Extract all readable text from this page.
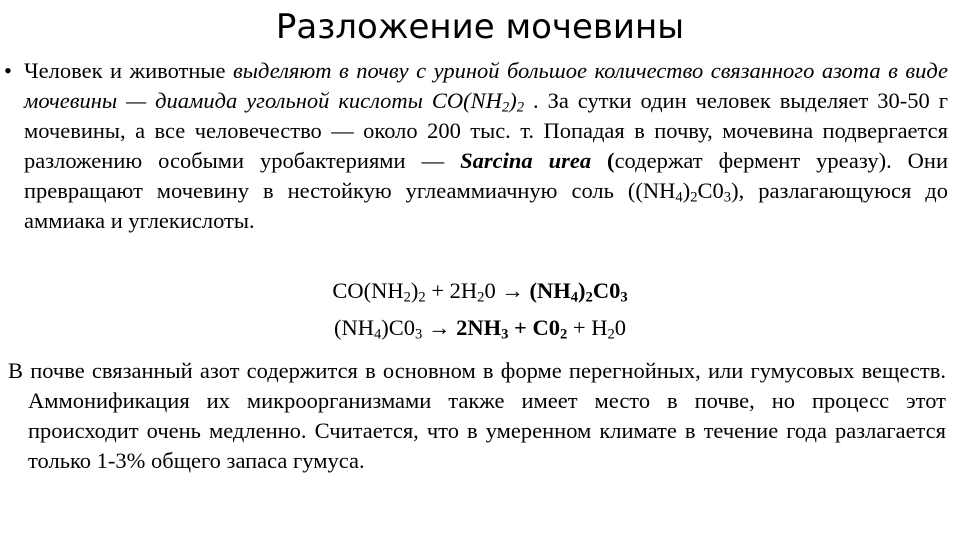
Разложение мочевины
• Человек и животные выделяют в почву с уриной большое количество связанного азота в виде мочевины — диамида угольной кислоты $CO(NH_2)_2$ . За сутки один человек выделяет 30-50 г мочевины, а все человечество — около 200 тыс. т. Попадая в почву, мочевина подвергается разложению особыми уробактериями — Sarcina urea (содержат фермент уреазу). Они превращают мочевину в нестойкую углеаммиачную соль $((NH_4)_2C0_3)$, разлагающуюся до аммиака и углекислоты.
$CO(NH_2)_2 + 2H_20 \to (NH_4)_2C0_3$
$(NH_4)C0_3 \to 2NH_3 + C0_2 + H_20$
В почве связанный азот содержится в основном в форме перегнойных, или гумусовых веществ. Аммонификация их микроорганизмами также имеет место в почве, но процесс этот происходит очень медленно. Считается, что в умеренном климате в течение года разлагается только 1-3% общего запаса гумуса.
